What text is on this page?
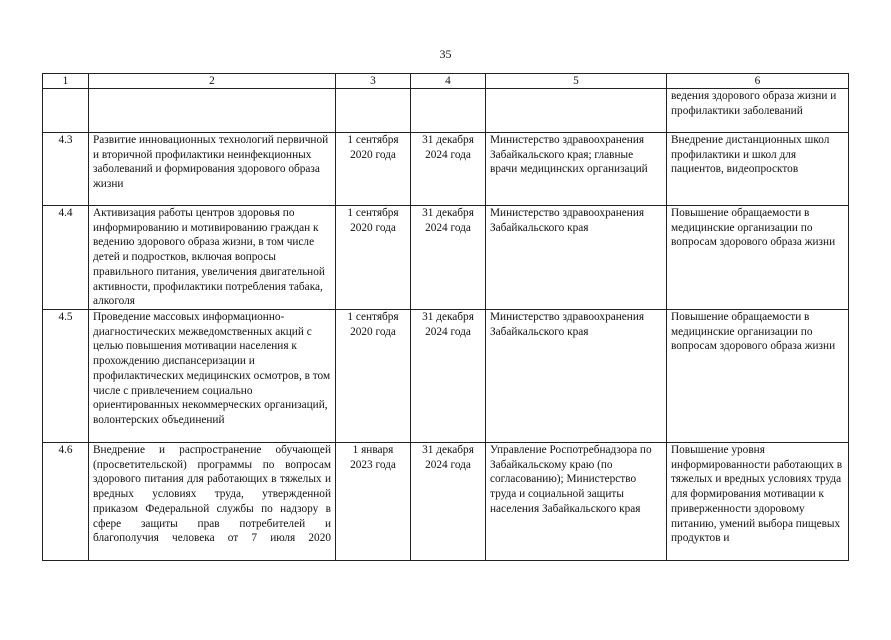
35
1	2	3	4	5	6
					ведения здорового образа жизни и профилактики заболеваний
4.3	Развитие инновационных технологий первичной и вторичной профилактики неинфекционных заболеваний и формирования здорового образа жизни	1 сентября 2020 года	31 декабря 2024 года	Министерство здравоохранения Забайкальского края; главные врачи медицинских организаций	Внедрение дистанционных школ профилактики и школ для пациентов, видеопросктов
4.4	Активизация работы центров здоровья по информированию и мотивированию граждан к ведению здорового образа жизни, в том числе детей и подростков, включая вопросы правильного питания, увеличения двигательной активности, профилактики потребления табака, алкоголя	1 сентября 2020 года	31 декабря 2024 года	Министерство здравоохранения Забайкальского края	Повышение обращаемости в медицинские организации по вопросам здорового образа жизни
4.5	Проведение массовых информационно-диагностических межведомственных акций с целью повышения мотивации населения к прохождению диспансеризации и профилактических медицинских осмотров, в том числе с привлечением социально ориентированных некоммерческих организаций, волонтерских объединений	1 сентября 2020 года	31 декабря 2024 года	Министерство здравоохранения Забайкальского края	Повышение обращаемости в медицинские организации по вопросам здорового образа жизни
4.6	Внедрение и распространение обучающей (просветительской) программы по вопросам здорового питания для работающих в тяжелых и вредных условиях труда, утвержденной приказом Федеральной службы по надзору в сфере защиты прав потребителей и благополучия человека от 7 июля 2020	1 января 2023 года	31 декабря 2024 года	Управление Роспотребнадзора по Забайкальскому краю (по согласованию); Министерство труда и социальной защиты населения Забайкальского края	Повышение уровня информированности работающих в тяжелых и вредных условиях труда для формирования мотивации к приверженности здоровому питанию, умений выбора пищевых продуктов и
